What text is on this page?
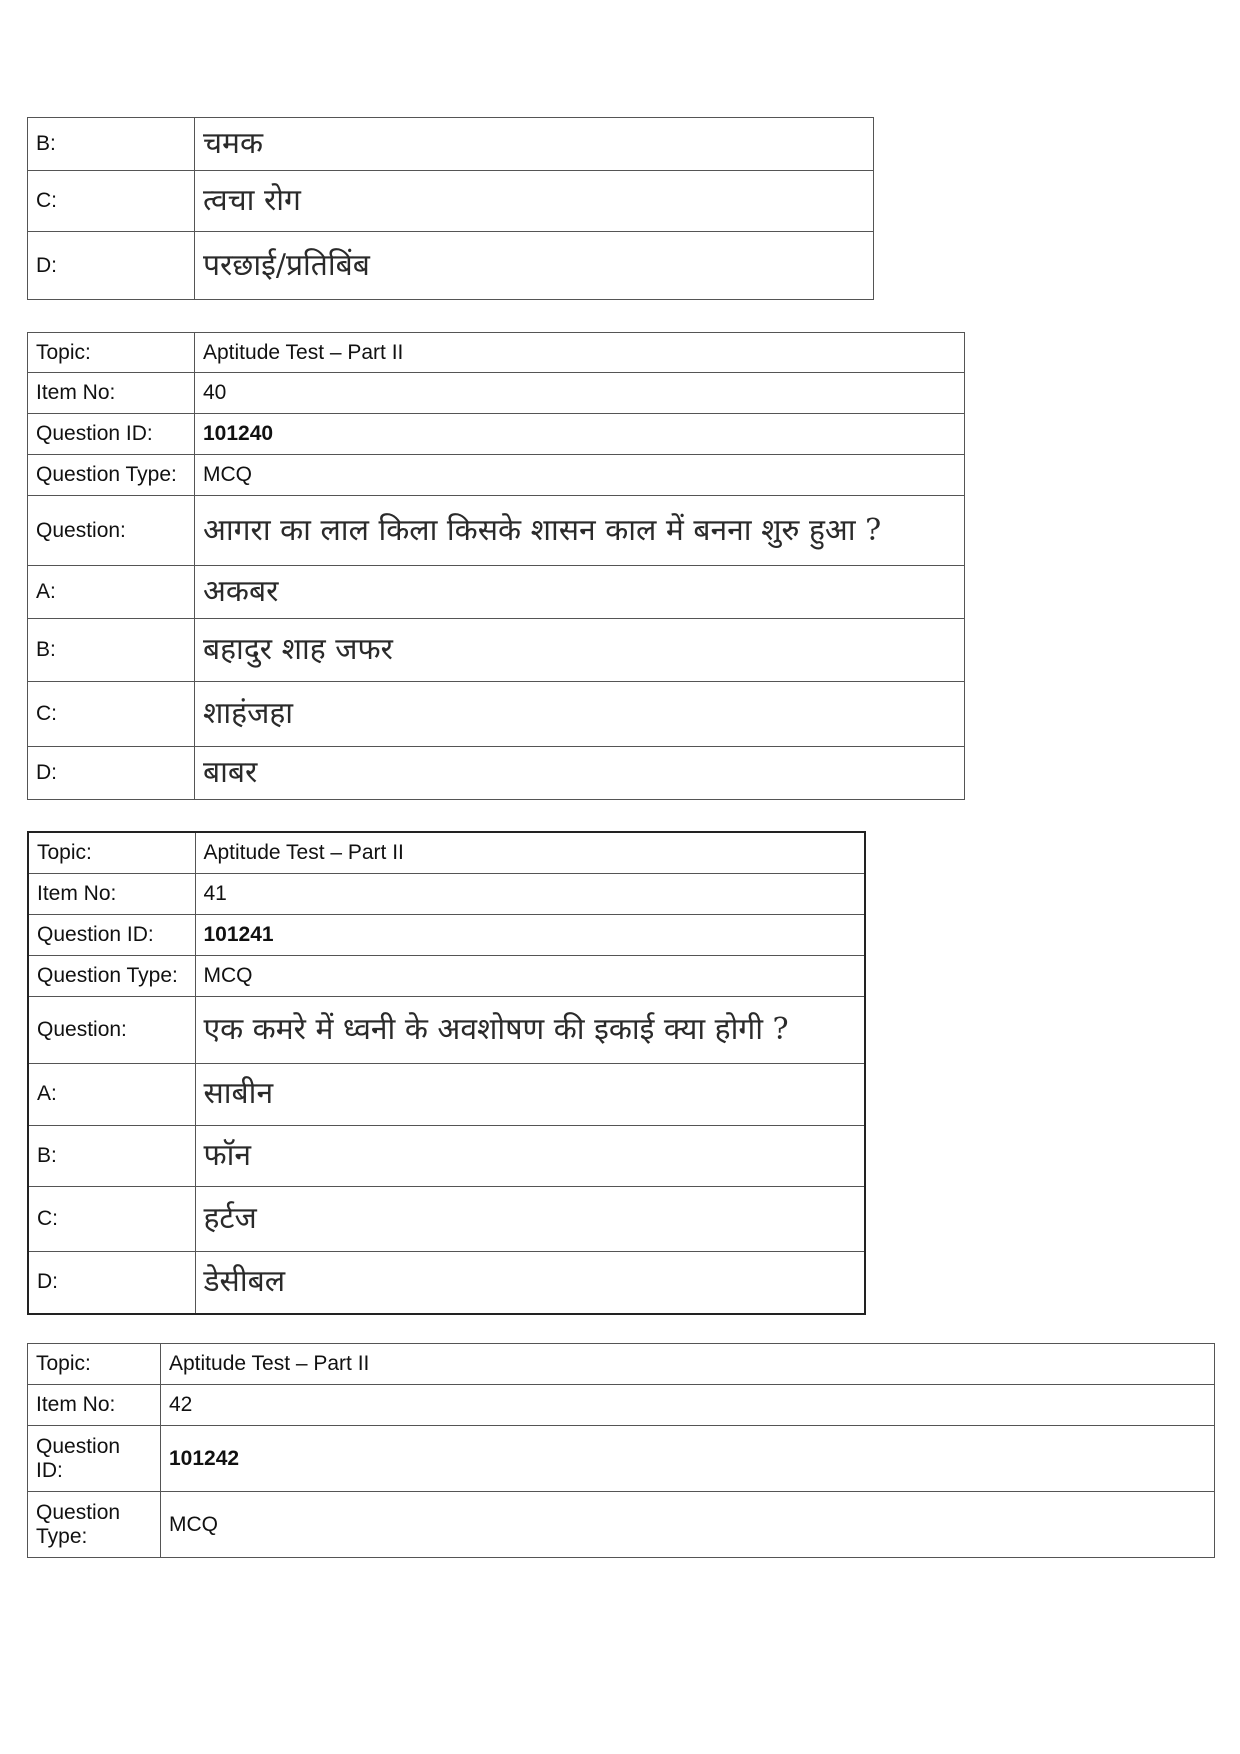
B:	चमक
C:	त्वचा रोग
D:	परछाई/प्रतिबिंब
Topic:	Aptitude Test – Part II
Item No:	40
Question ID:	101240
Question Type:	MCQ
Question:	आगरा का लाल किला किसके शासन काल में बनना शुरु हुआ ?
A:	अकबर
B:	बहादुर शाह जफर
C:	शाहंजहा
D:	बाबर
Topic:	Aptitude Test – Part II
Item No:	41
Question ID:	101241
Question Type:	MCQ
Question:	एक कमरे में ध्वनी के अवशोषण की इकाई क्या होगी ?
A:	साबीन
B:	फॉन
C:	हर्टज
D:	डेसीबल
Topic:	Aptitude Test – Part II
Item No:	42
Question ID:	101242
Question Type:	MCQ
